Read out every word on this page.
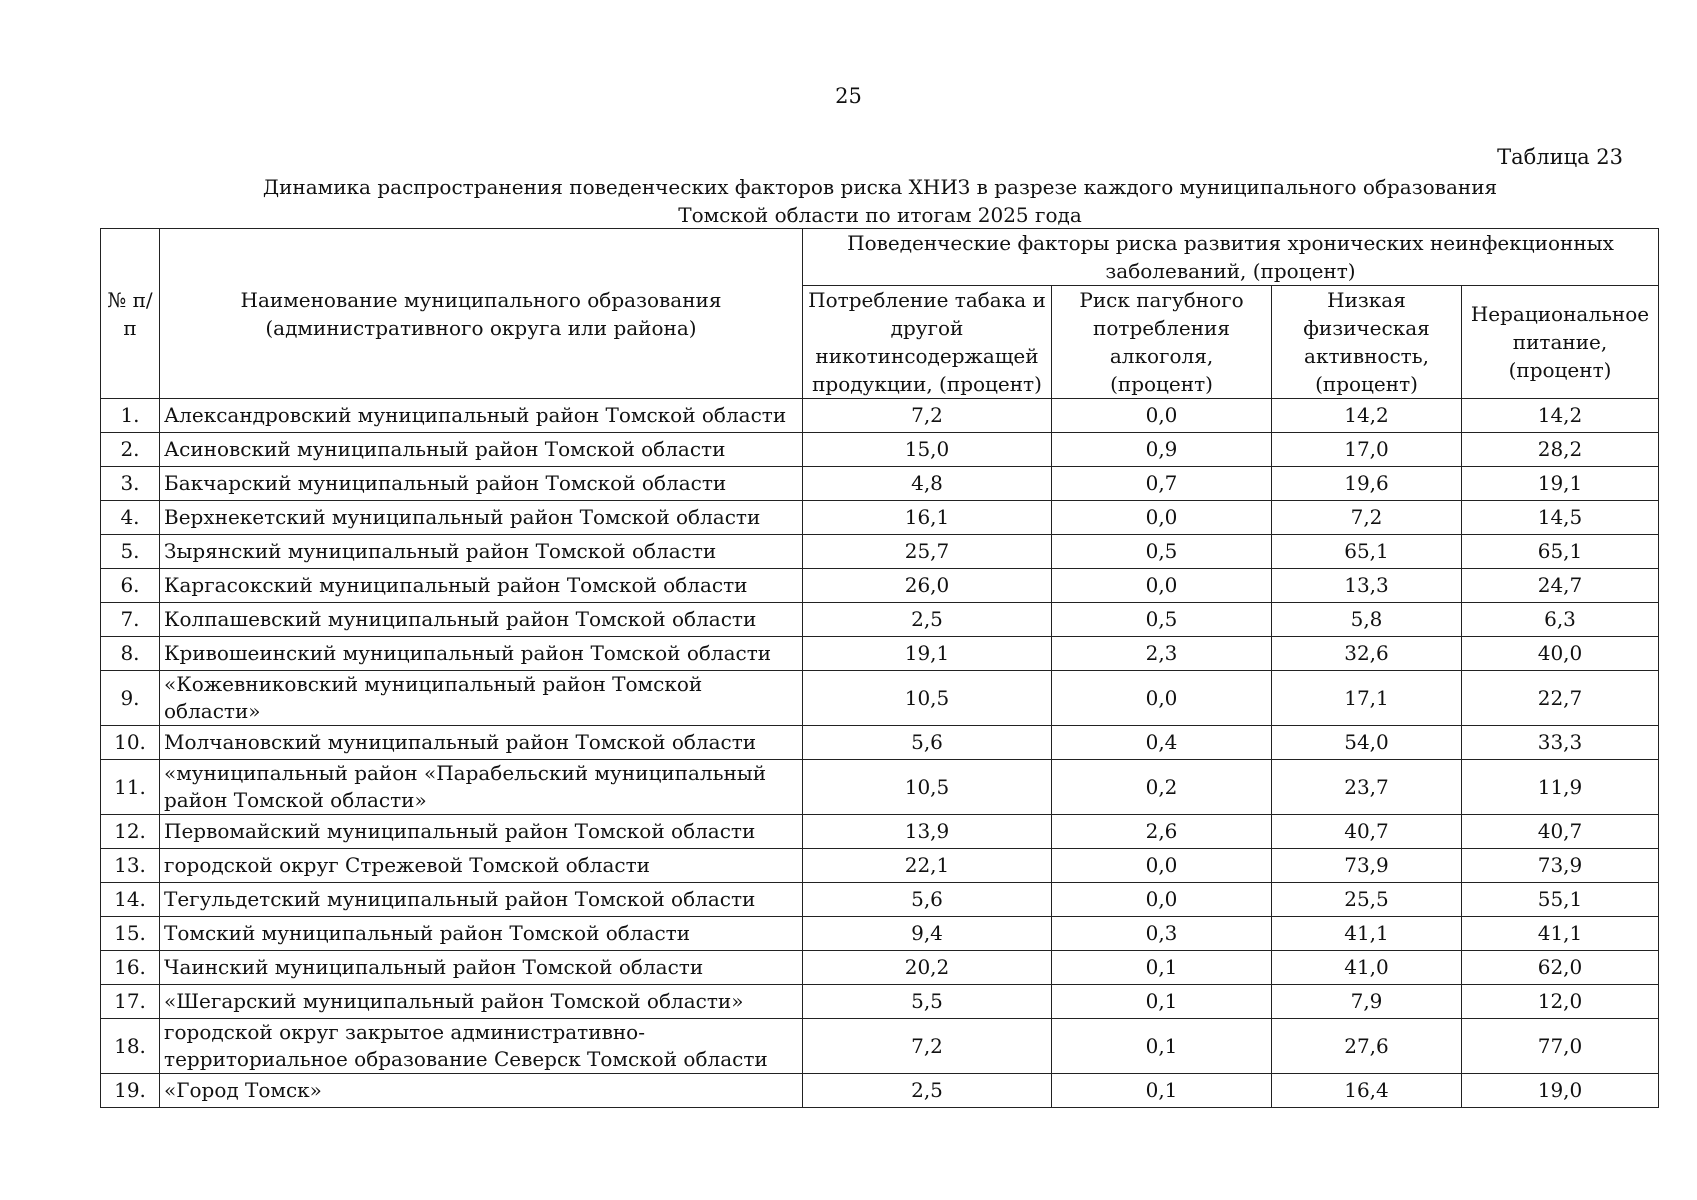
25
Таблица 23
Динамика распространения поведенческих факторов риска ХНИЗ в разрезе каждого муниципального образования
Томской области по итогам 2025 года
№ п/п	Наименование муниципального образования (административного округа или района)	Поведенческие факторы риска развития хронических неинфекционных заболеваний, (процент)			
		Потребление табака и другой никотинсодержащей продукции, (процент)	Риск пагубного потребления алкоголя, (процент)	Низкая физическая активность, (процент)	Нерациональное питание, (процент)
1.	Александровский муниципальный район Томской области	7,2	0,0	14,2	14,2
2.	Асиновский муниципальный район Томской области	15,0	0,9	17,0	28,2
3.	Бакчарский муниципальный район Томской области	4,8	0,7	19,6	19,1
4.	Верхнекетский муниципальный район Томской области	16,1	0,0	7,2	14,5
5.	Зырянский муниципальный район Томской области	25,7	0,5	65,1	65,1
6.	Каргасокский муниципальный район Томской области	26,0	0,0	13,3	24,7
7.	Колпашевский муниципальный район Томской области	2,5	0,5	5,8	6,3
8.	Кривошеинский муниципальный район Томской области	19,1	2,3	32,6	40,0
9.	«Кожевниковский муниципальный район Томской области»	10,5	0,0	17,1	22,7
10.	Молчановский муниципальный район Томской области	5,6	0,4	54,0	33,3
11.	«муниципальный район «Парабельский муниципальный район Томской области»	10,5	0,2	23,7	11,9
12.	Первомайский муниципальный район Томской области	13,9	2,6	40,7	40,7
13.	городской округ Стрежевой Томской области	22,1	0,0	73,9	73,9
14.	Тегульдетский муниципальный район Томской области	5,6	0,0	25,5	55,1
15.	Томский муниципальный район Томской области	9,4	0,3	41,1	41,1
16.	Чаинский муниципальный район Томской области	20,2	0,1	41,0	62,0
17.	«Шегарский муниципальный район Томской области»	5,5	0,1	7,9	12,0
18.	городской округ закрытое административно-территориальное образование Северск Томской области	7,2	0,1	27,6	77,0
19.	«Город Томск»	2,5	0,1	16,4	19,0
